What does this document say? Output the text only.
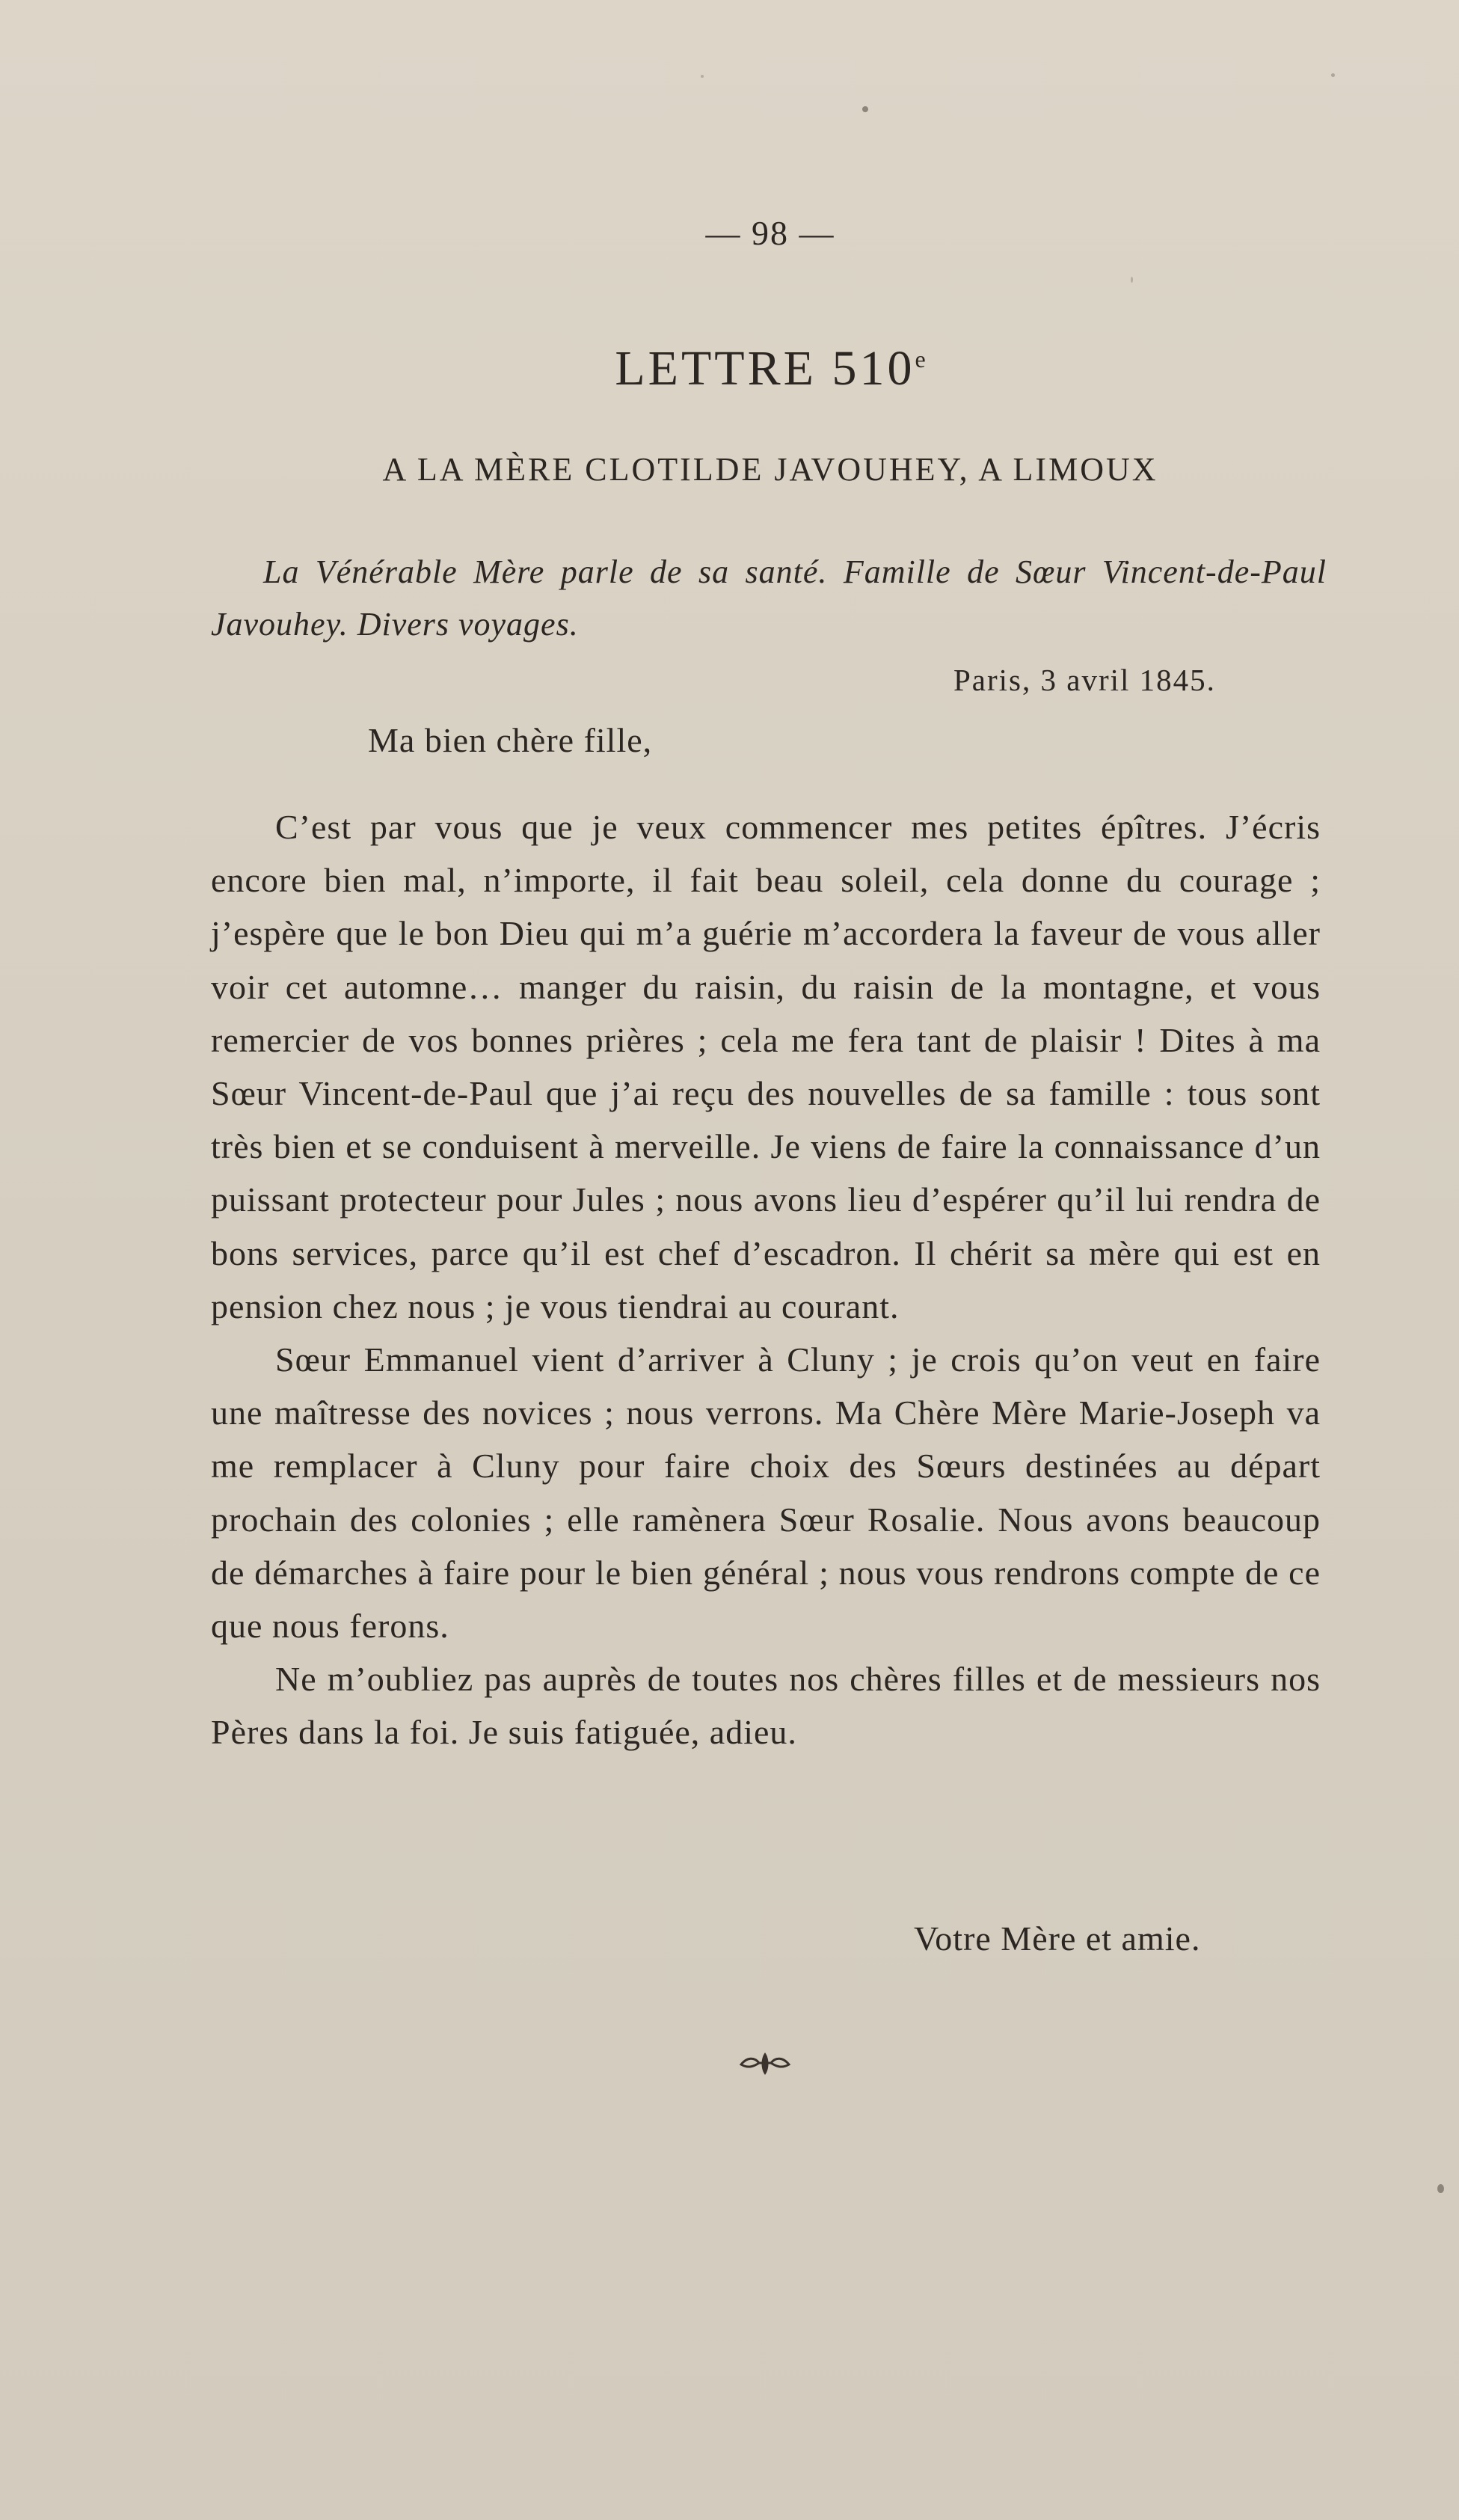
— 98 —
LETTRE 510e
A LA MÈRE CLOTILDE JAVOUHEY, A LIMOUX
La Vénérable Mère parle de sa santé. Famille de Sœur Vincent-de-Paul Javouhey. Divers voyages.
Paris, 3 avril 1845.
Ma bien chère fille,

C’est par vous que je veux commencer mes petites épîtres. J’écris encore bien mal, n’importe, il fait beau soleil, cela donne du courage ; j’espère que le bon Dieu qui m’a guérie m’accordera la faveur de vous aller voir cet automne… manger du raisin, du raisin de la montagne, et vous remercier de vos bonnes prières ; cela me fera tant de plaisir ! Dites à ma Sœur Vincent-de-Paul que j’ai reçu des nouvelles de sa famille : tous sont très bien et se conduisent à merveille. Je viens de faire la connaissance d’un puissant protecteur pour Jules ; nous avons lieu d’espérer qu’il lui rendra de bons services, parce qu’il est chef d’escadron. Il chérit sa mère qui est en pension chez nous ; je vous tiendrai au courant.

Sœur Emmanuel vient d’arriver à Cluny ; je crois qu’on veut en faire une maîtresse des novices ; nous verrons. Ma Chère Mère Marie-Joseph va me remplacer à Cluny pour faire choix des Sœurs destinées au départ prochain des colonies ; elle ramènera Sœur Rosalie. Nous avons beaucoup de démarches à faire pour le bien général ; nous vous rendrons compte de ce que nous ferons.

Ne m’oubliez pas auprès de toutes nos chères filles et de messieurs nos Pères dans la foi. Je suis fatiguée, adieu.

Votre Mère et amie.
